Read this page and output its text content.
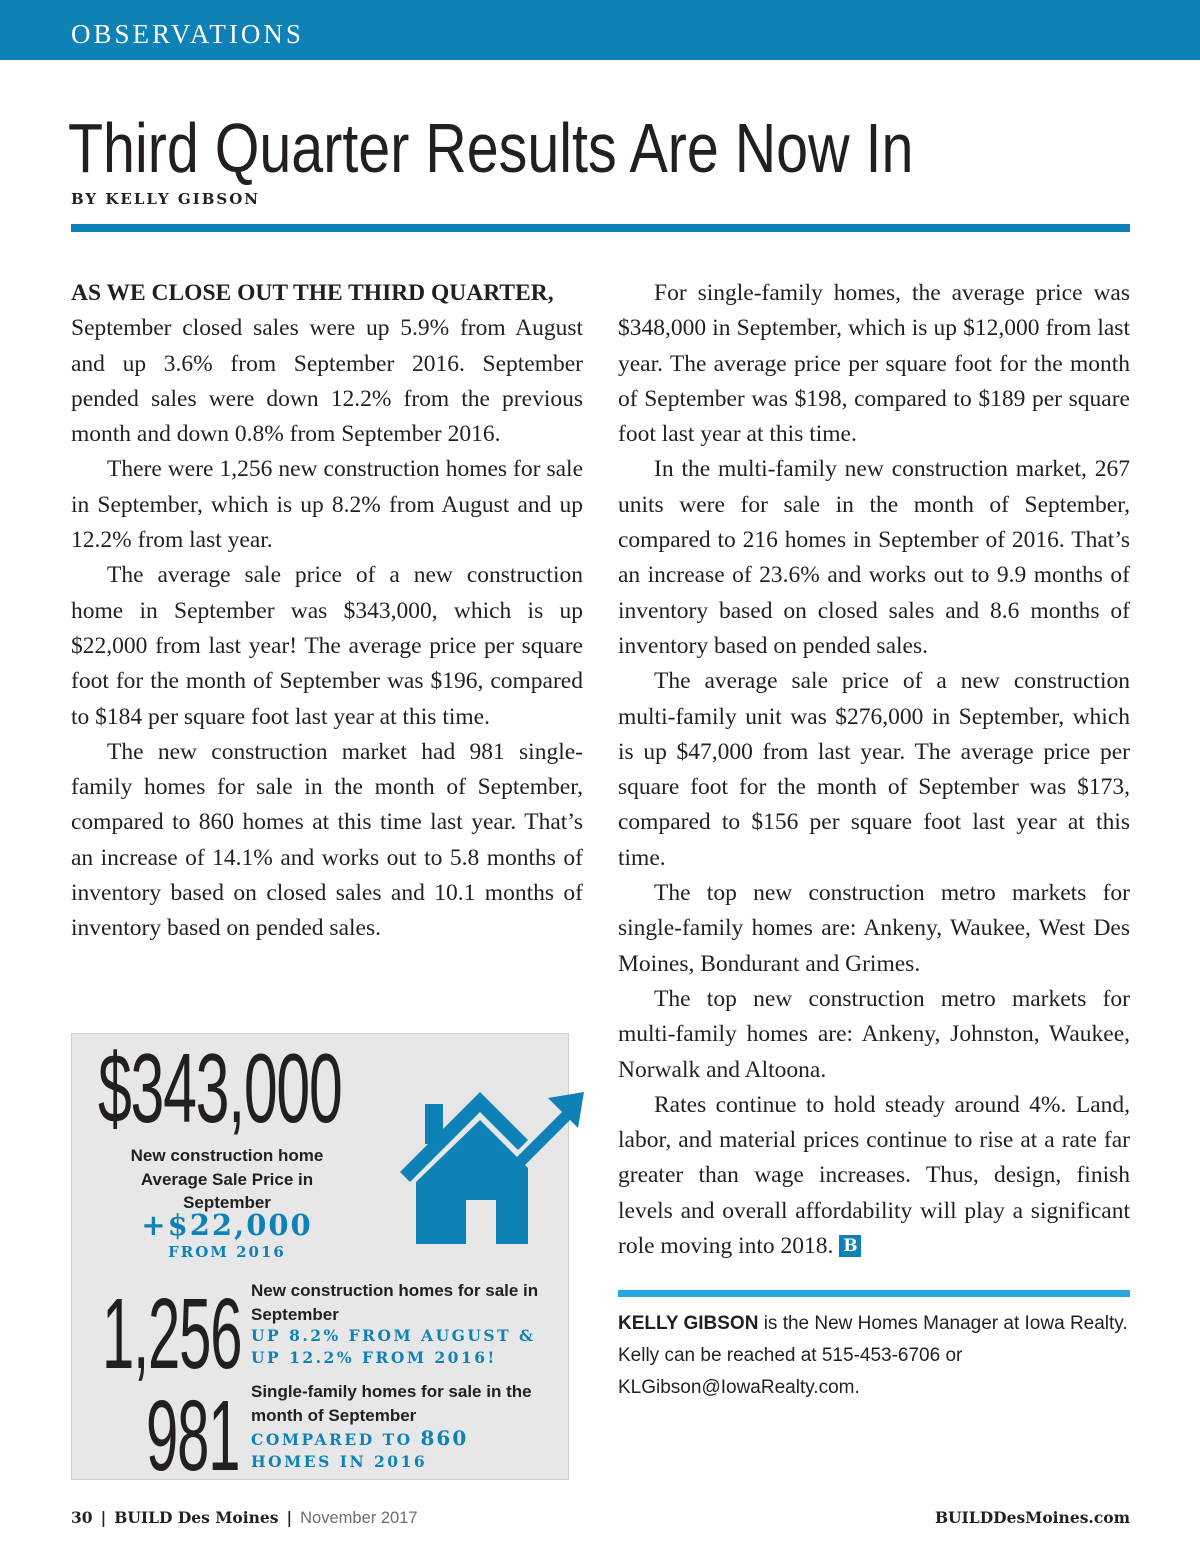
OBSERVATIONS
Third Quarter Results Are Now In
BY KELLY GIBSON

AS WE CLOSE OUT THE THIRD QUARTER,
September closed sales were up 5.9% from August and up 3.6% from September 2016. September pended sales were down 12.2% from the previous month and down 0.8% from September 2016.

There were 1,256 new construction homes for sale in September, which is up 8.2% from August and up 12.2% from last year.

The average sale price of a new construction home in September was $343,000, which is up $22,000 from last year! The average price per square foot for the month of September was $196, compared to $184 per square foot last year at this time.

The new construction market had 981 single-family homes for sale in the month of September, compared to 860 homes at this time last year. That’s an increase of 14.1% and works out to 5.8 months of inventory based on closed sales and 10.1 months of inventory based on pended sales.

For single-family homes, the average price was $348,000 in September, which is up $12,000 from last year. The average price per square foot for the month of September was $198, compared to $189 per square foot last year at this time.

In the multi-family new construction market, 267 units were for sale in the month of September, compared to 216 homes in September of 2016. That’s an increase of 23.6% and works out to 9.9 months of inventory based on closed sales and 8.6 months of inventory based on pended sales.

The average sale price of a new construction multi-family unit was $276,000 in September, which is up $47,000 from last year. The average price per square foot for the month of September was $173, compared to $156 per square foot last year at this time.

The top new construction metro markets for single-family homes are: Ankeny, Waukee, West Des Moines, Bondurant and Grimes.

The top new construction metro markets for multi-family homes are: Ankeny, Johnston, Waukee, Norwalk and Altoona.

Rates continue to hold steady around 4%. Land, labor, and material prices continue to rise at a rate far greater than wage increases. Thus, design, finish levels and overall affordability will play a significant role moving into 2018. B

$343,000
New construction home Average Sale Price in September
+$22,000
FROM 2016
1,256 New construction homes for sale in September
UP 8.2% FROM AUGUST &
UP 12.2% FROM 2016!
981 Single-family homes for sale in the month of September
COMPARED TO 860
HOMES IN 2016
KELLY GIBSON is the New Homes Manager at Iowa Realty. Kelly can be reached at 515-453-6706 or KLGibson@IowaRealty.com.
30 | BUILD Des Moines | November 2017	BUILDDesMoines.com
